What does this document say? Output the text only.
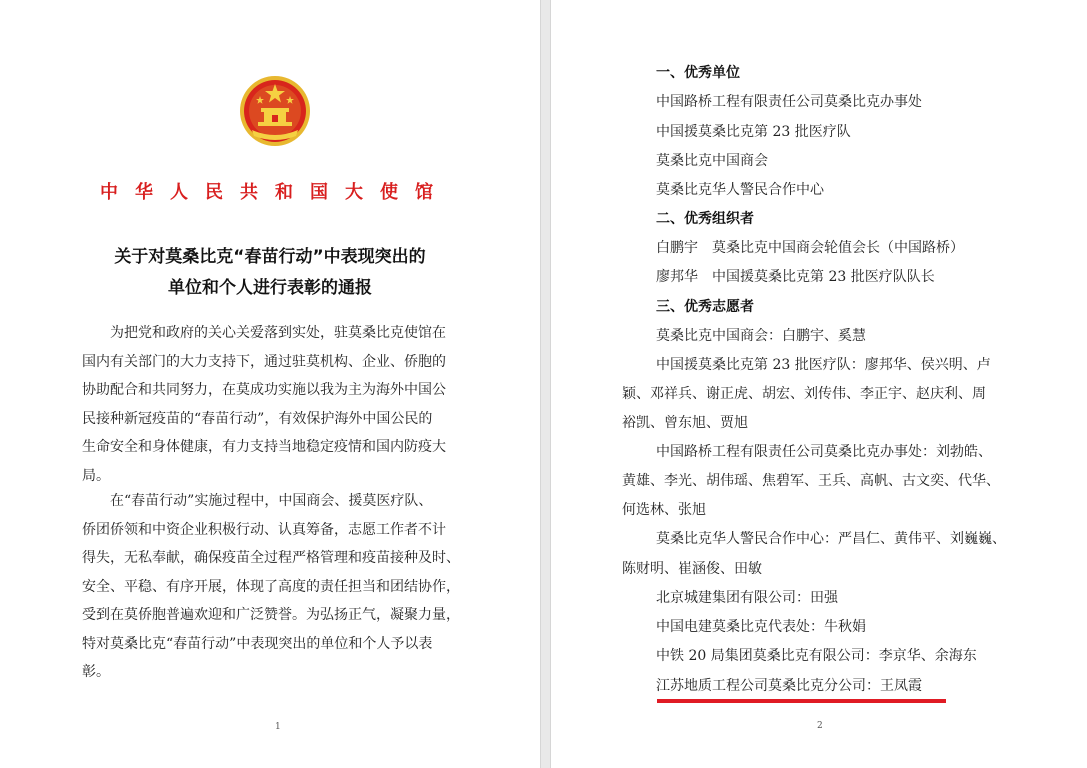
中华人民共和国大使馆
关于对莫桑比克“春苗行动”中表现突出的
单位和个人进行表彰的通报
为把党和政府的关心关爱落到实处，驻莫桑比克使馆在
国内有关部门的大力支持下，通过驻莫机构、企业、侨胞的
协助配合和共同努力，在莫成功实施以我为主为海外中国公
民接种新冠疫苗的“春苗行动”，有效保护海外中国公民的
生命安全和身体健康，有力支持当地稳定疫情和国内防疫大
局。
在“春苗行动”实施过程中，中国商会、援莫医疗队、
侨团侨领和中资企业积极行动、认真筹备，志愿工作者不计
得失，无私奉献，确保疫苗全过程严格管理和疫苗接种及时、
安全、平稳、有序开展，体现了高度的责任担当和团结协作，
受到在莫侨胞普遍欢迎和广泛赞誉。为弘扬正气，凝聚力量，
特对莫桑比克“春苗行动”中表现突出的单位和个人予以表
彰。
1
一、优秀单位
中国路桥工程有限责任公司莫桑比克办事处
中国援莫桑比克第 23 批医疗队
莫桑比克中国商会
莫桑比克华人警民合作中心
二、优秀组织者
白鹏宇　莫桑比克中国商会轮值会长（中国路桥）
廖邦华　中国援莫桑比克第 23 批医疗队队长
三、优秀志愿者
莫桑比克中国商会：白鹏宇、奚慧
中国援莫桑比克第 23 批医疗队：廖邦华、侯兴明、卢
颖、邓祥兵、谢正虎、胡宏、刘传伟、李正宇、赵庆利、周
裕凯、曾东旭、贾旭
中国路桥工程有限责任公司莫桑比克办事处：刘勃皓、
黄雄、李光、胡伟瑶、焦碧军、王兵、高帆、古文奕、代华、
何选林、张旭
莫桑比克华人警民合作中心：严昌仁、黄伟平、刘巍巍、
陈财明、崔涵俊、田敏
北京城建集团有限公司：田强
中国电建莫桑比克代表处：牛秋娟
中铁 20 局集团莫桑比克有限公司：李京华、余海东
江苏地质工程公司莫桑比克分公司：王凤霞
2
